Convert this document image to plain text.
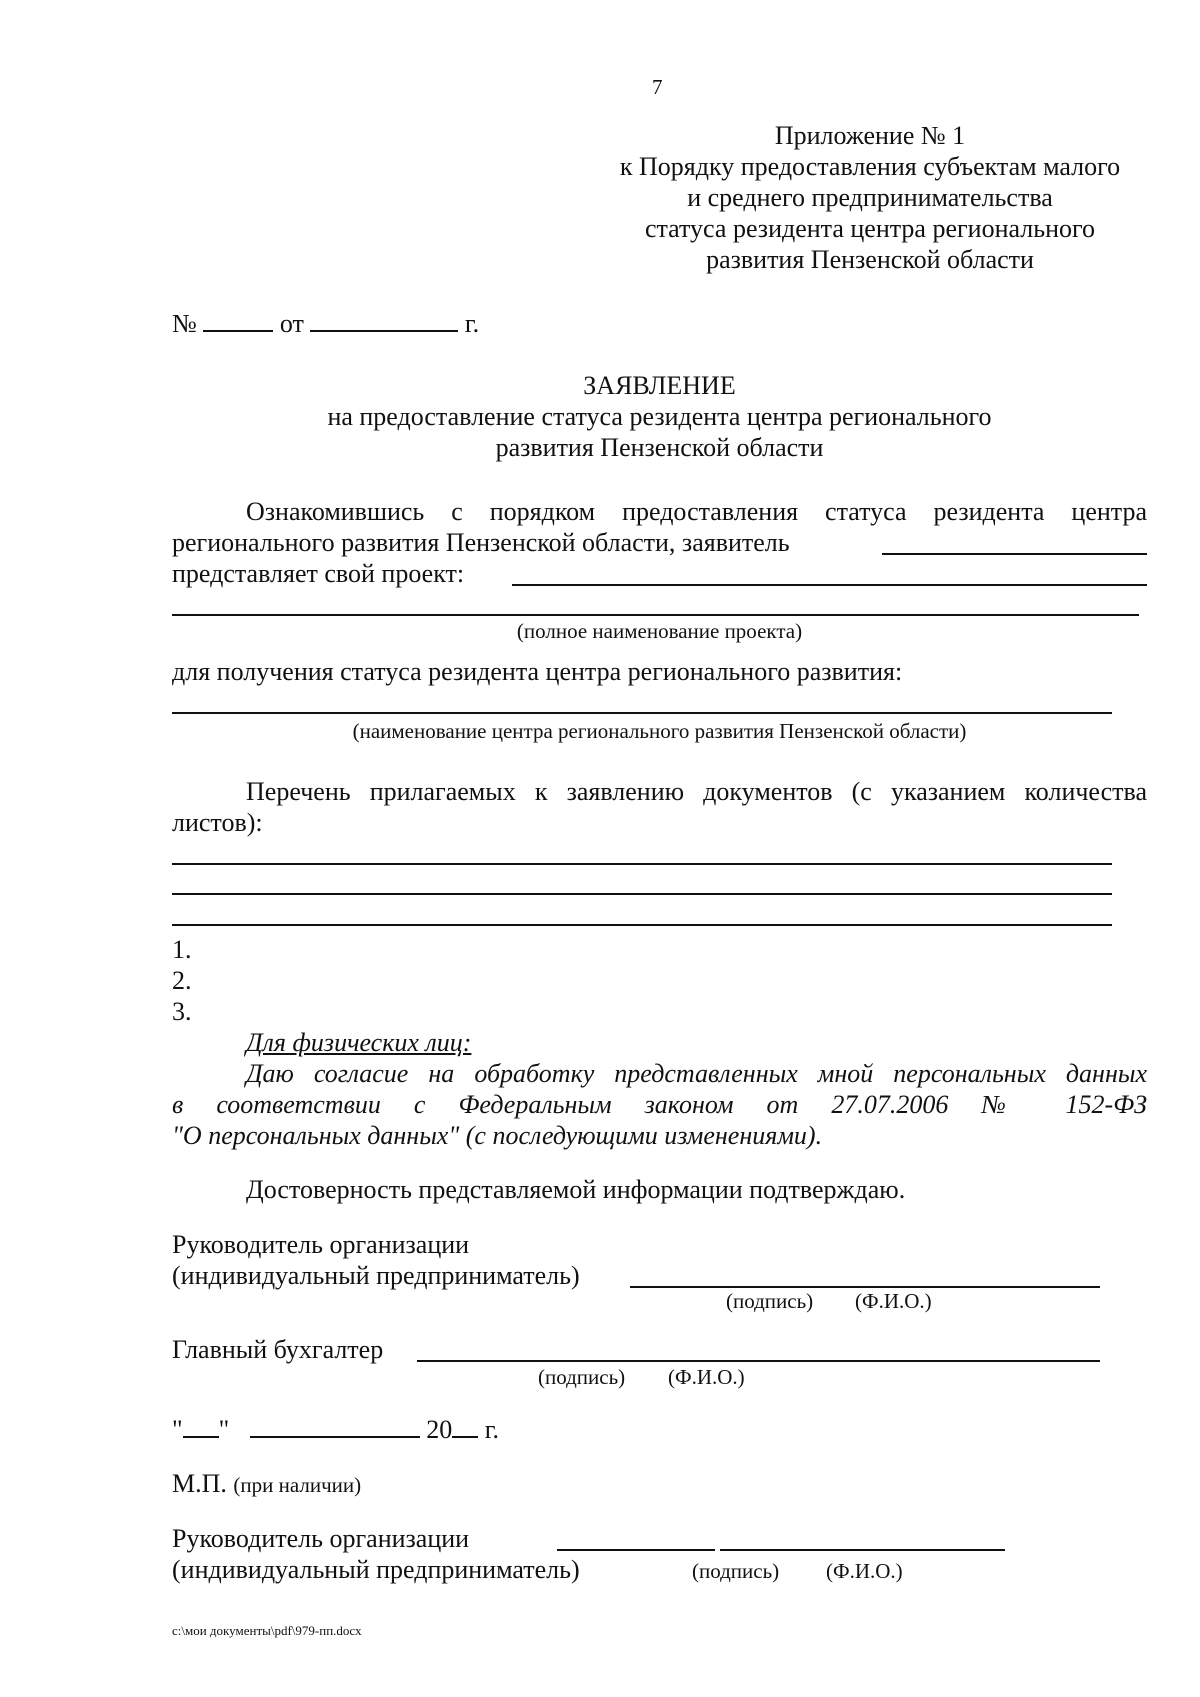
7
Приложение № 1
к Порядку предоставления субъектам малого
и среднего предпринимательства
статуса резидента центра регионального
развития Пензенской области
№	от	г.
ЗАЯВЛЕНИЕ
на предоставление статуса резидента центра регионального
развития Пензенской области
Ознакомившись с порядком предоставления статуса резидента центра
регионального развития Пензенской области, заявитель
представляет свой проект:
(полное наименование проекта)
для получения статуса резидента центра регионального развития:
(наименование центра регионального развития Пензенской области)
Перечень прилагаемых к заявлению документов (с указанием количества
листов):
1.
2.
3.
Для физических лиц:
Даю согласие на обработку представленных мной персональных данных
в соответствии с Федеральным законом от 27.07.2006 № 152-ФЗ
"О персональных данных" (с последующими изменениями).
Достоверность представляемой информации подтверждаю.
Руководитель организации
(индивидуальный предприниматель)
(подпись) (Ф.И.О.)
Главный бухгалтер
(подпись) (Ф.И.О.)
" "	20 г.
М.П. (при наличии)
Руководитель организации
(индивидуальный предприниматель)	(подпись) (Ф.И.О.)
c:\мои документы\pdf\979-пп.docx
